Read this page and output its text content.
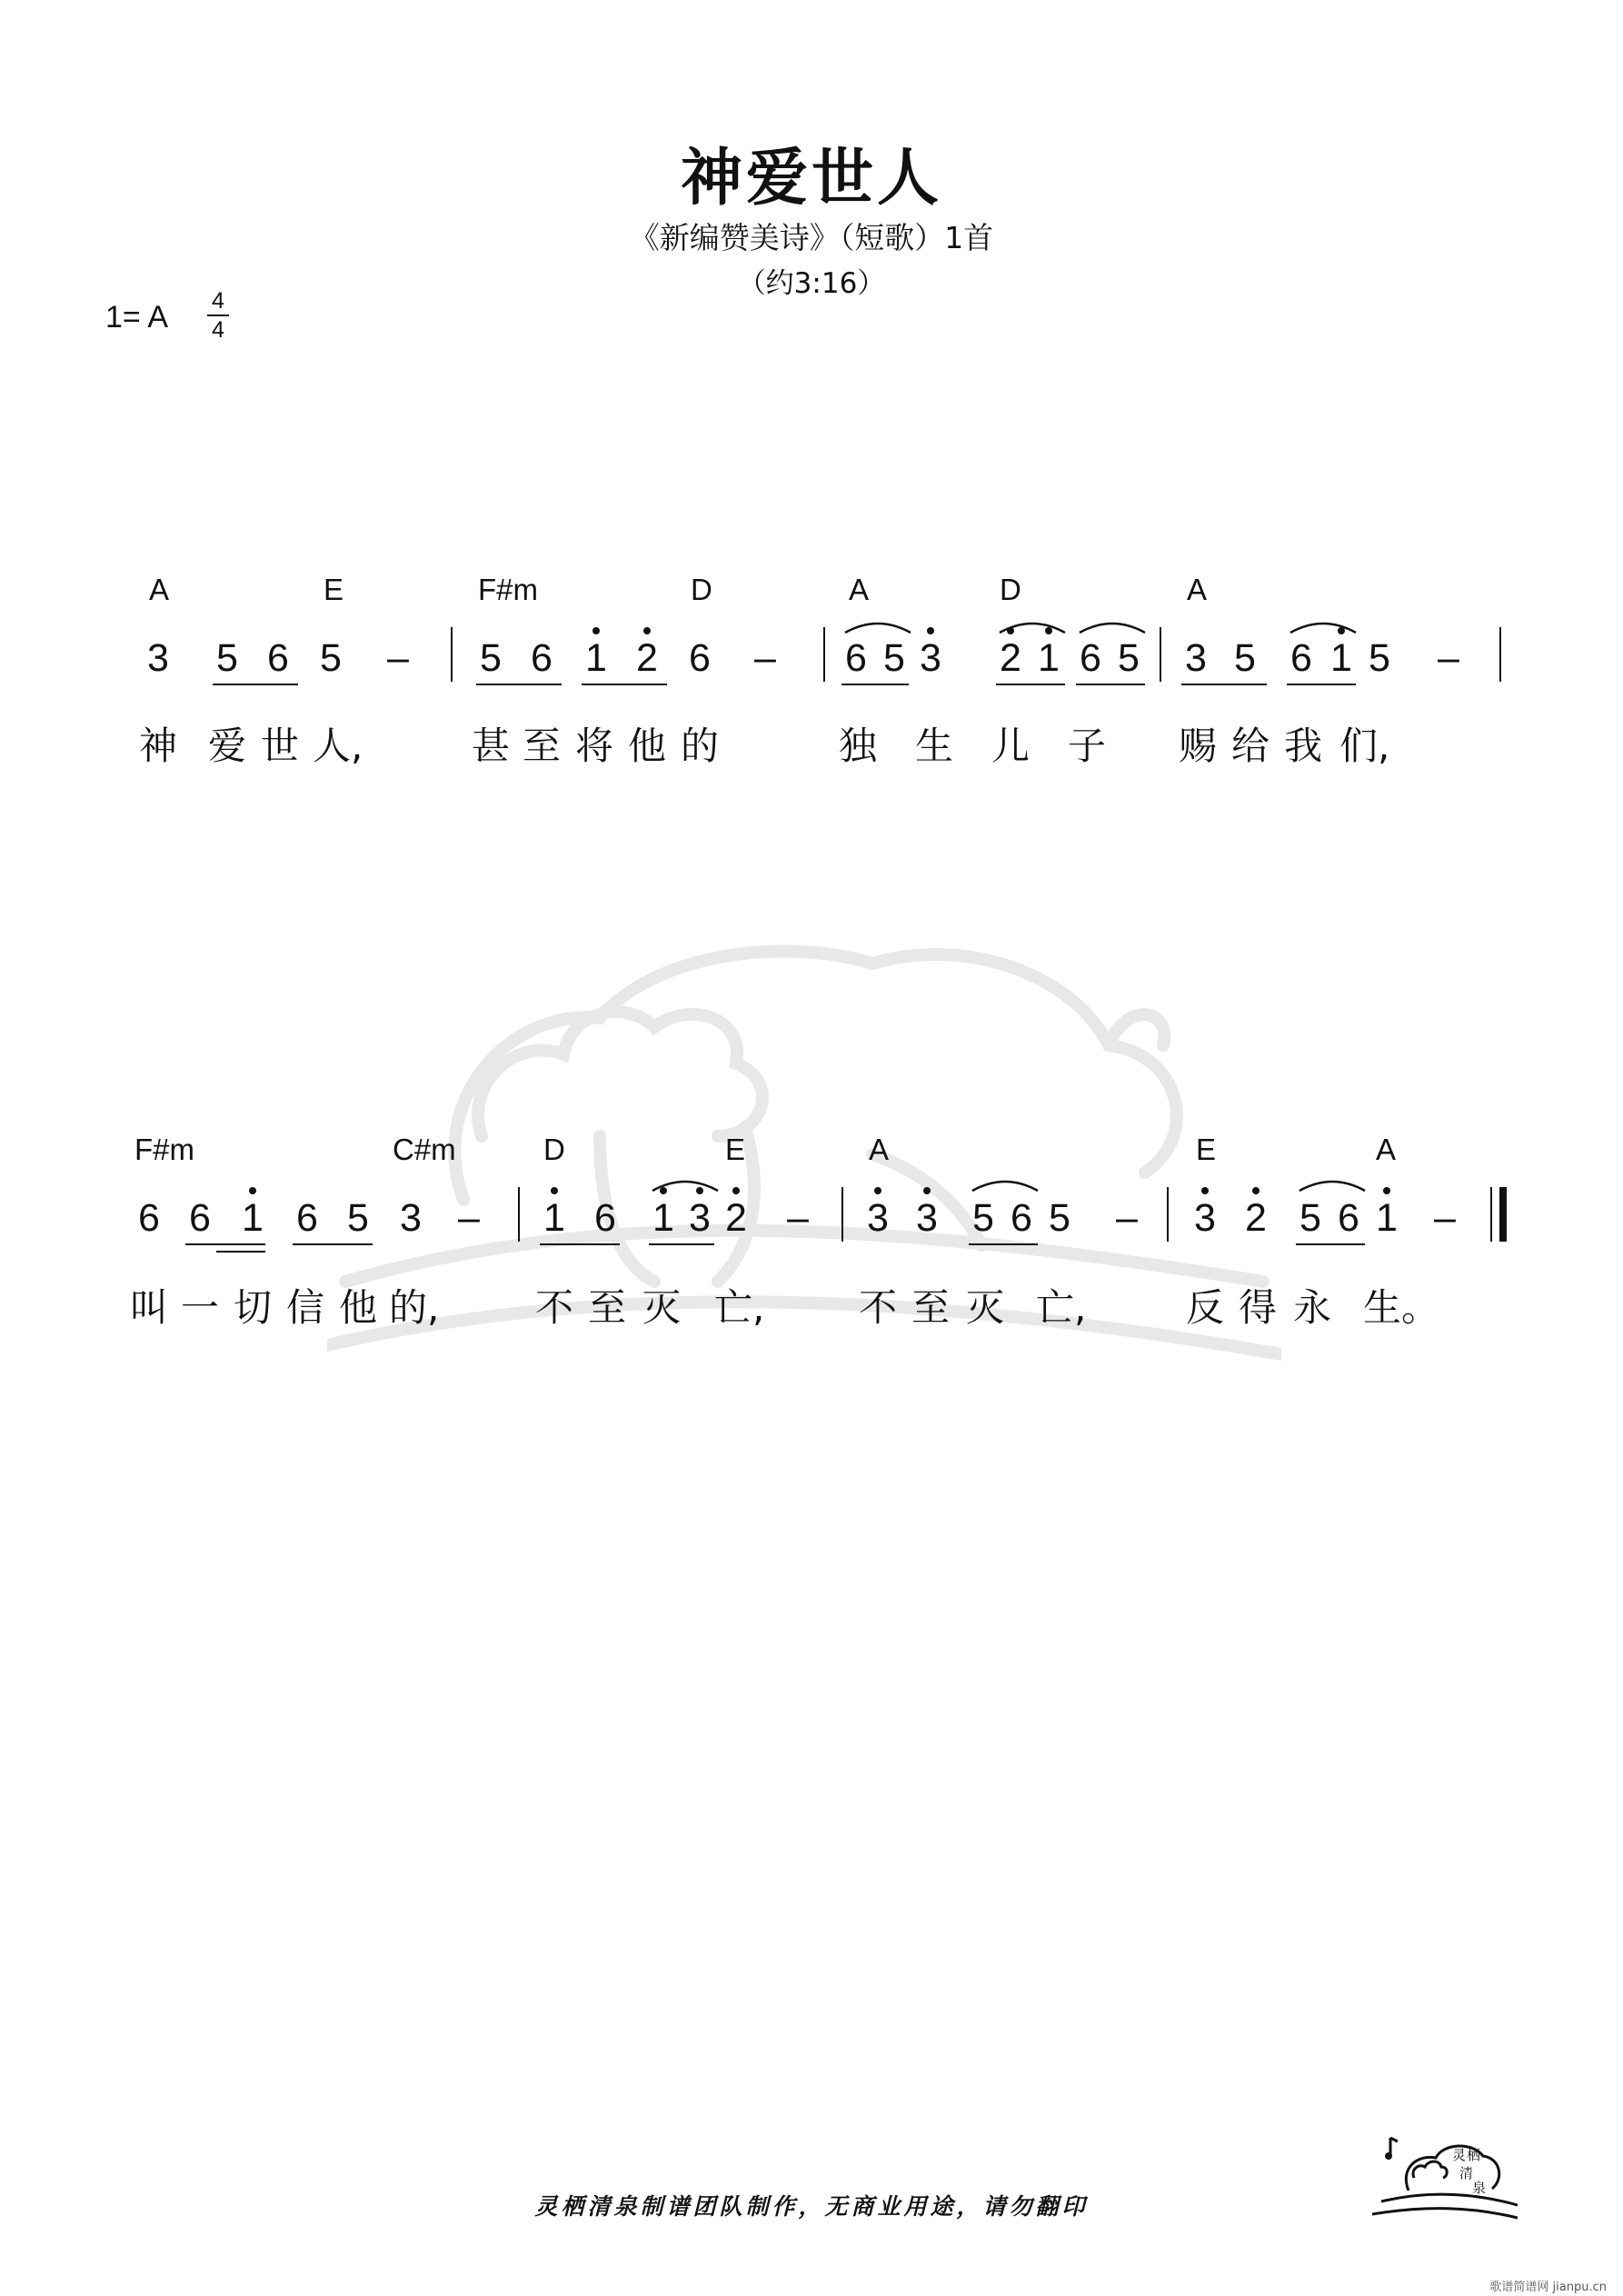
神爱世人
《新编赞美诗》（短歌）1首
（约3:16）
1= A 4
4
A	E	F#m	D	A	D	A
3 5 6 5 – 5 6 1 2 6 – 6 5 3 2 1 6 5 3 5 6 1 5 –
神 爱 世 人,	甚 至 将 他 的	独 生 儿 子 赐 给 我 们,
F#m	C#m	D	E	A	E	A
6 6 1 6 5 3 – 1 6 1 3 2 – 3 3 5 6 5 – 3 2 5 6 1 –
叫 一 切 信 他 的,	不 至 灭 亡,	不 至 灭 亡,	反 得 永 生。
灵栖清泉制谱团队制作，无商业用途，请勿翻印
灵 栖
清
泉
歌谱简谱网 jianpu.cn
